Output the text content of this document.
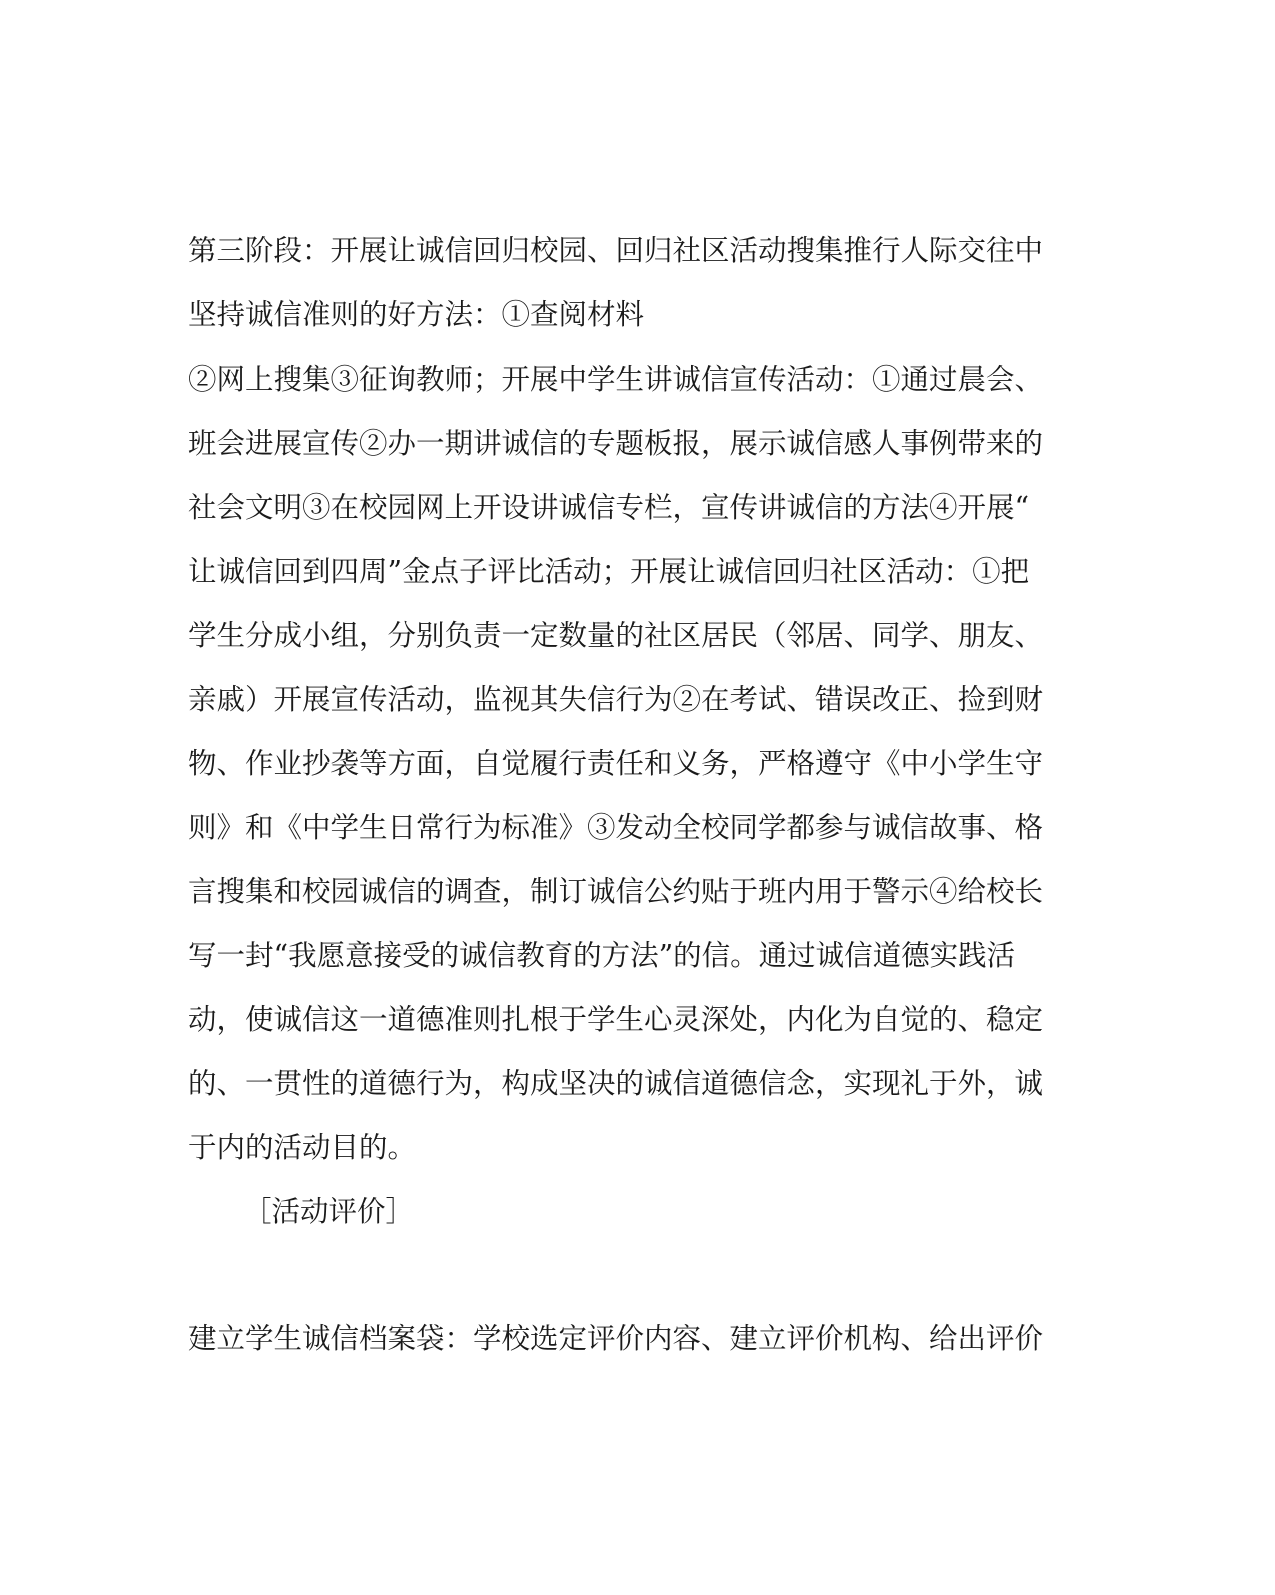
第三阶段：开展让诚信回归校园、回归社区活动搜集推行人际交往中
坚持诚信准则的好方法：①查阅材料
②网上搜集③征询教师；开展中学生讲诚信宣传活动：①通过晨会、
班会进展宣传②办一期讲诚信的专题板报，展示诚信感人事例带来的
社会文明③在校园网上开设讲诚信专栏，宣传讲诚信的方法④开展“
让诚信回到四周”金点子评比活动；开展让诚信回归社区活动：①把
学生分成小组，分别负责一定数量的社区居民（邻居、同学、朋友、
亲戚）开展宣传活动，监视其失信行为②在考试、错误改正、捡到财
物、作业抄袭等方面，自觉履行责任和义务，严格遵守《中小学生守
则》和《中学生日常行为标准》③发动全校同学都参与诚信故事、格
言搜集和校园诚信的调查，制订诚信公约贴于班内用于警示④给校长
写一封“我愿意接受的诚信教育的方法”的信。通过诚信道德实践活
动，使诚信这一道德准则扎根于学生心灵深处，内化为自觉的、稳定
的、一贯性的道德行为，构成坚决的诚信道德信念，实现礼于外，诚
于内的活动目的。
［活动评价］
建立学生诚信档案袋：学校选定评价内容、建立评价机构、给出评价
